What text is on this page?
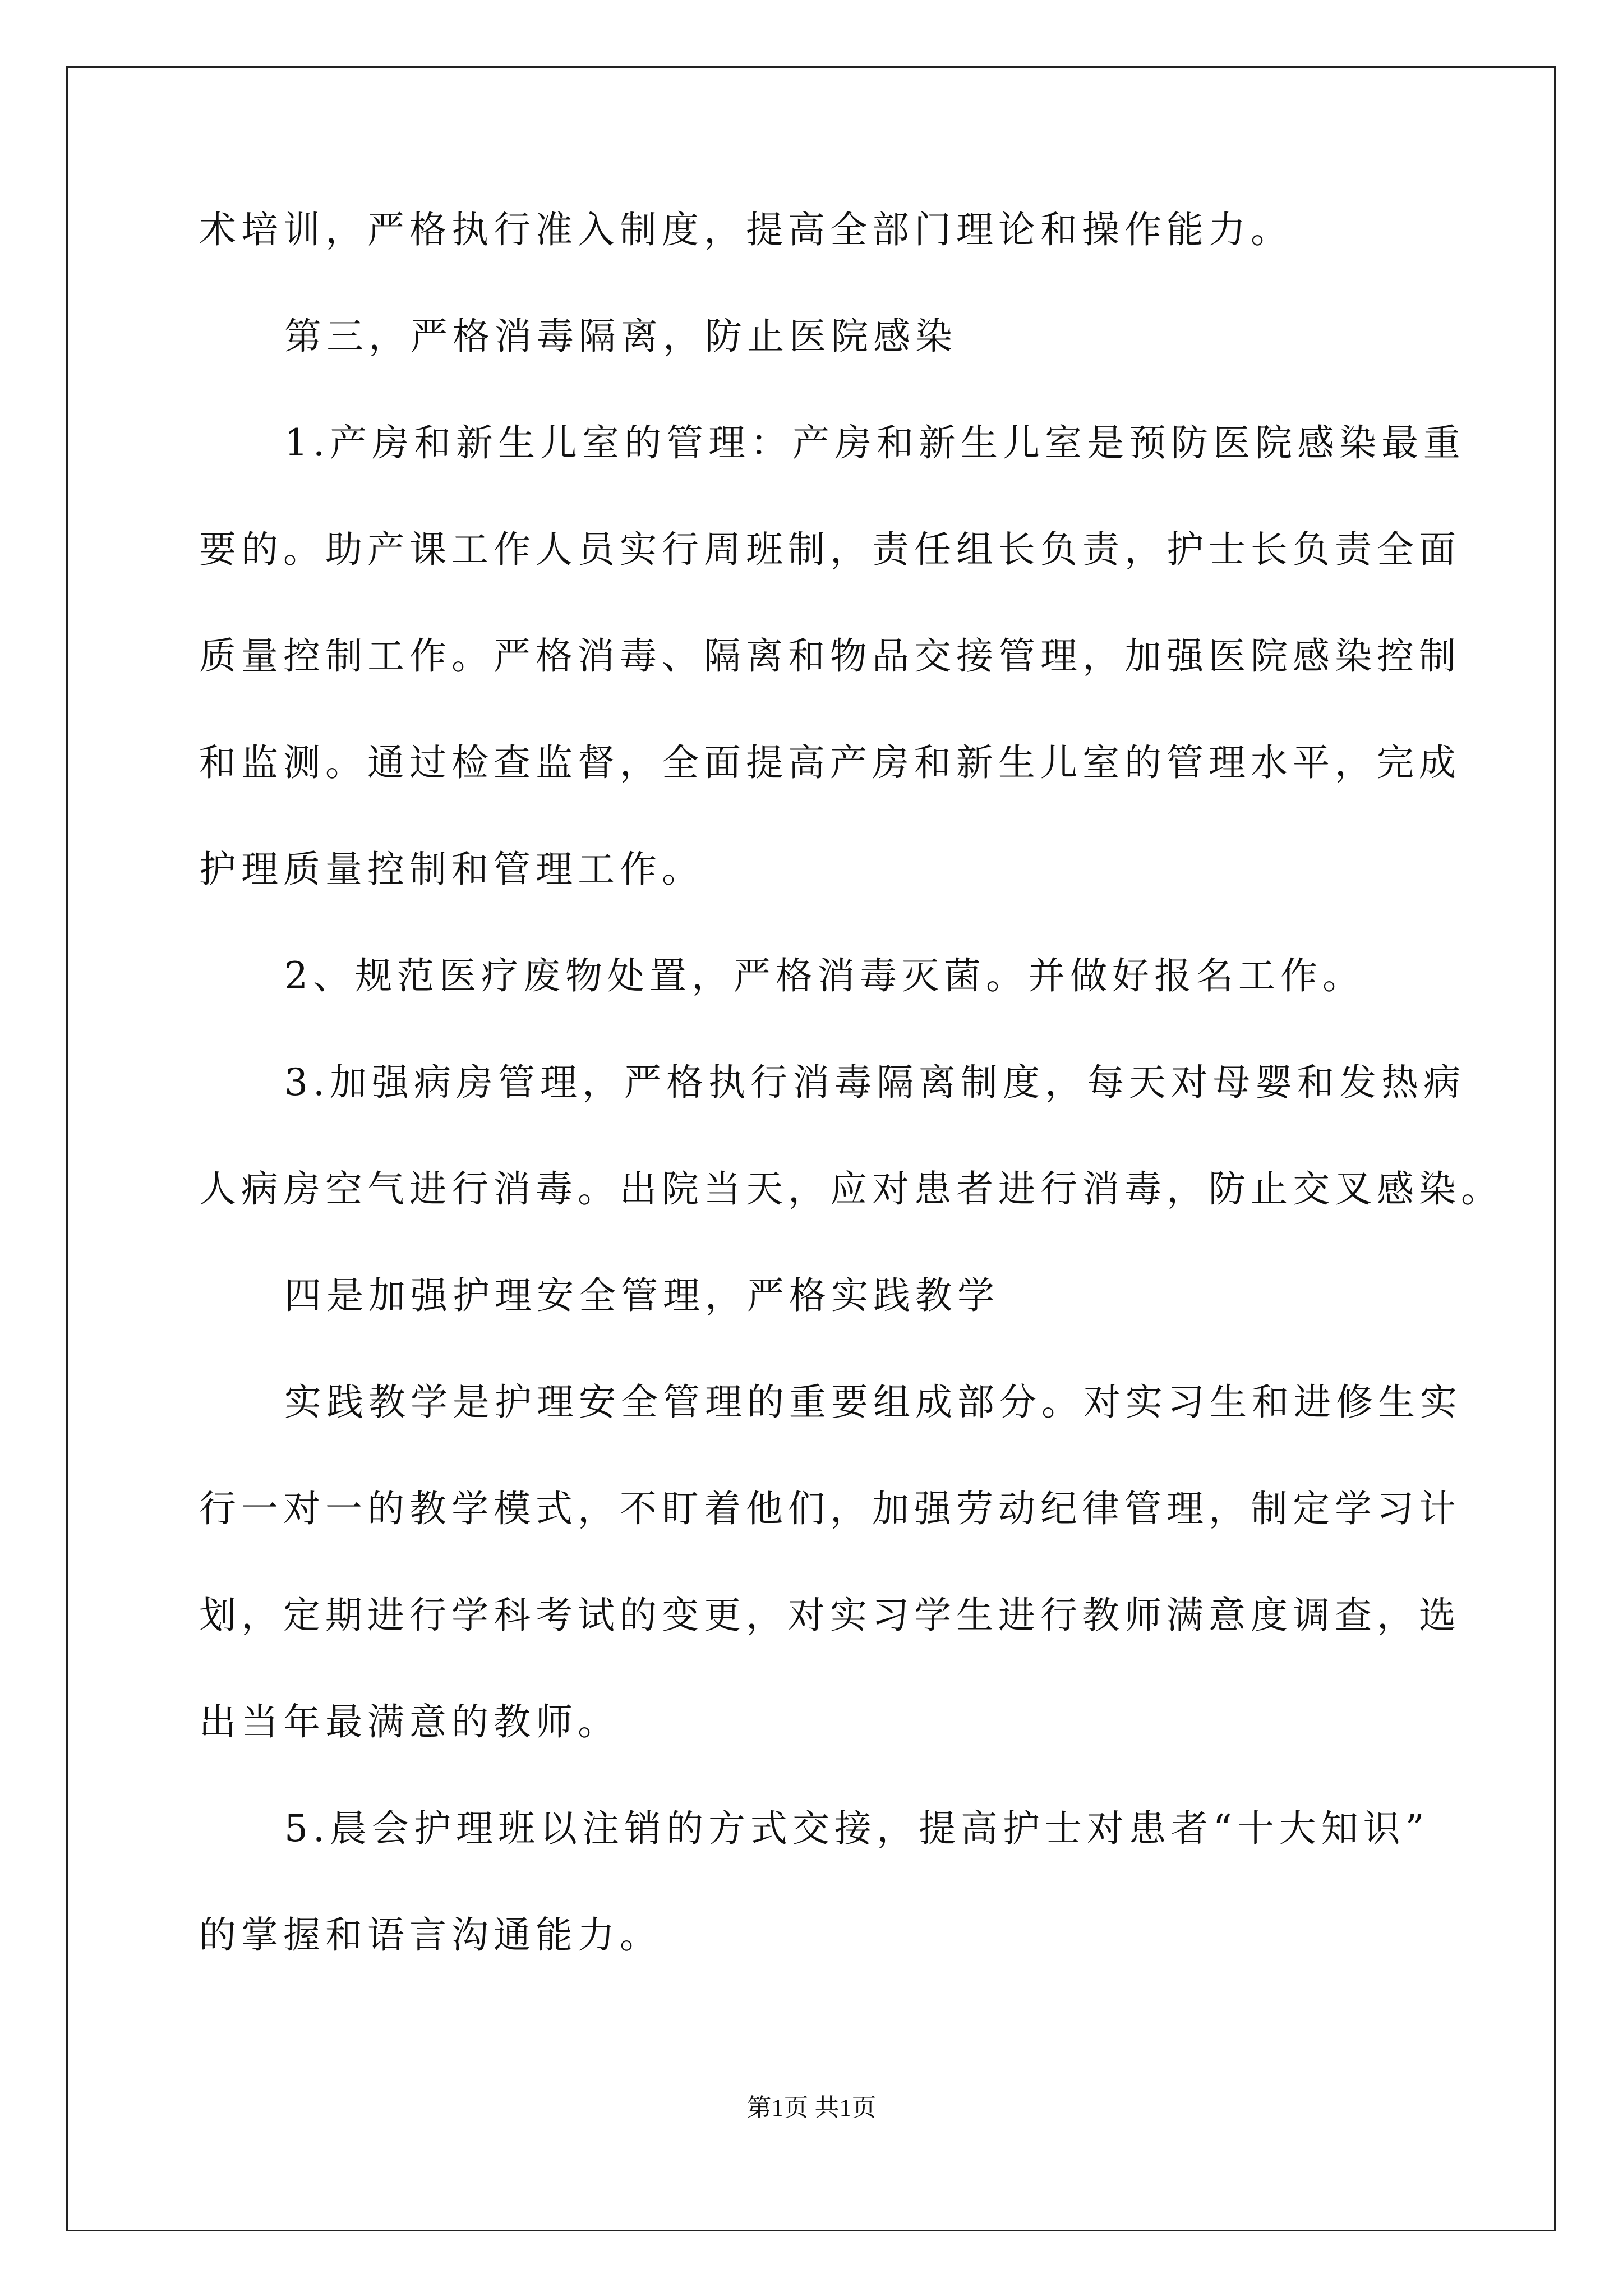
术培训，严格执行准入制度，提高全部门理论和操作能力。
第三，严格消毒隔离，防止医院感染
1.产房和新生儿室的管理：产房和新生儿室是预防医院感染最重
要的。助产课工作人员实行周班制，责任组长负责，护士长负责全面
质量控制工作。严格消毒、隔离和物品交接管理，加强医院感染控制
和监测。通过检查监督，全面提高产房和新生儿室的管理水平，完成
护理质量控制和管理工作。
2、规范医疗废物处置，严格消毒灭菌。并做好报名工作。
3.加强病房管理，严格执行消毒隔离制度，每天对母婴和发热病
人病房空气进行消毒。出院当天，应对患者进行消毒，防止交叉感染。
四是加强护理安全管理，严格实践教学
实践教学是护理安全管理的重要组成部分。对实习生和进修生实
行一对一的教学模式，不盯着他们，加强劳动纪律管理，制定学习计
划，定期进行学科考试的变更，对实习学生进行教师满意度调查，选
出当年最满意的教师。
5.晨会护理班以注销的方式交接，提高护士对患者“十大知识”
的掌握和语言沟通能力。
第1页 共1页
